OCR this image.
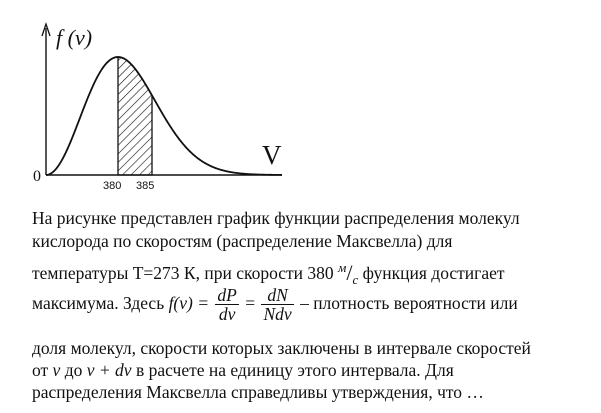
f (v)
V
0
380 385
На рисунке представлен график функции распределения молекул
кислорода по скоростям (распределение Максвелла) для
температуры Т=273 К, при скорости 380 $^м/_с$ функция достигает
максимума. Здесь $f(v) = \frac{dP}{dv} = \frac{dN}{\text{Ndv}}$ – плотность вероятности или
доля молекул, скорости которых заключены в интервале скоростей
от v до v + dv в расчете на единицу этого интервала. Для
распределения Максвелла справедливы утверждения, что …
